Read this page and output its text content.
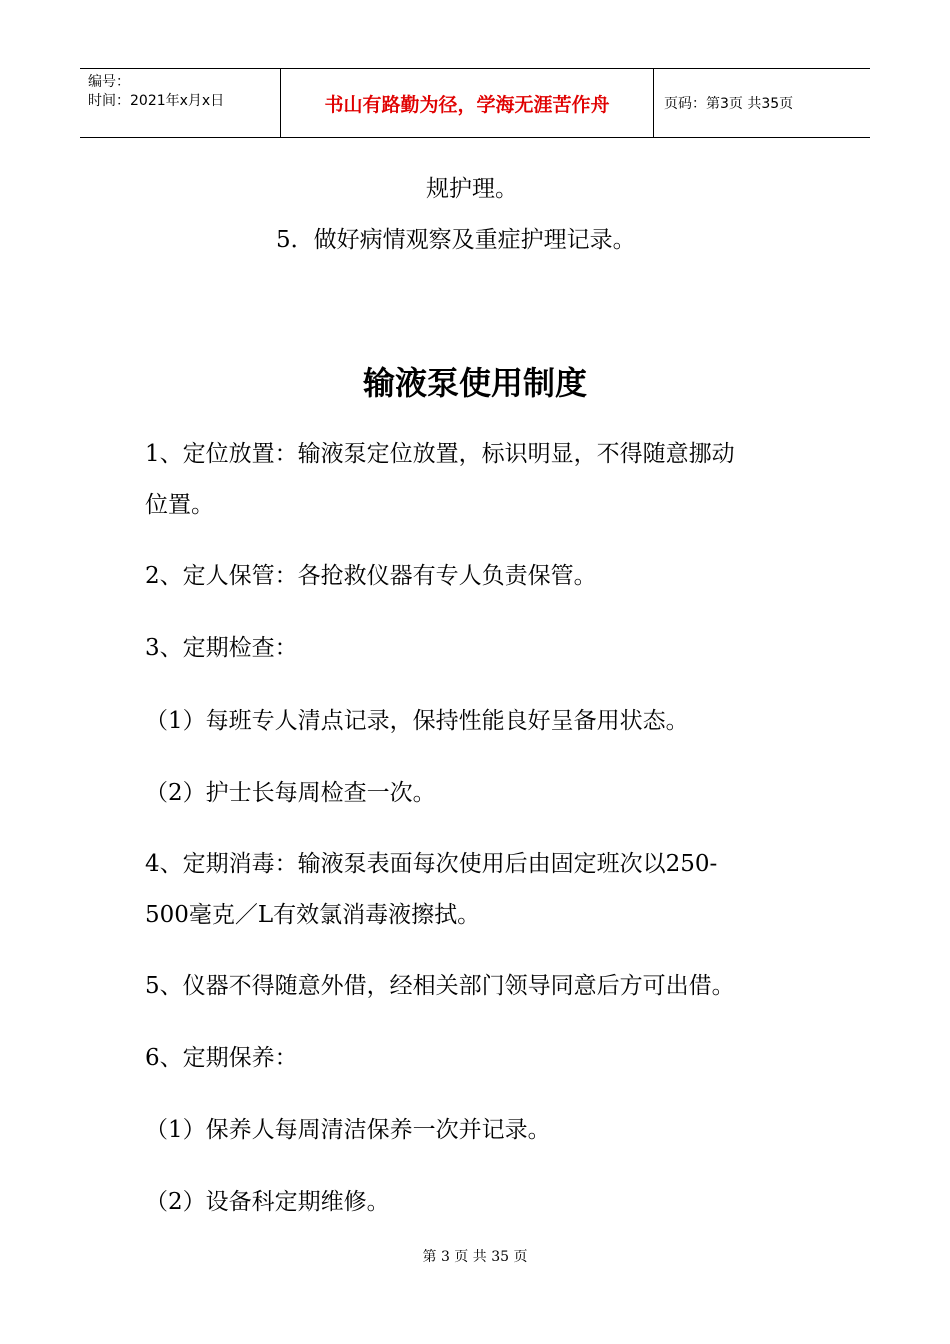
编号：
时间：2021年x月x日	书山有路勤为径，学海无涯苦作舟	页码：第3页 共35页
规护理。
5．做好病情观察及重症护理记录。
输液泵使用制度
1、定位放置：输液泵定位放置，标识明显，不得随意挪动
位置。
2、定人保管：各抢救仪器有专人负责保管。
3、定期检查：
（1）每班专人清点记录，保持性能良好呈备用状态。
（2）护士长每周检查一次。
4、定期消毒：输液泵表面每次使用后由固定班次以250-
500毫克／L有效氯消毒液擦拭。
5、仪器不得随意外借，经相关部门领导同意后方可出借。
6、定期保养：
（1）保养人每周清洁保养一次并记录。
（2）设备科定期维修。
第 3 页 共 35 页
